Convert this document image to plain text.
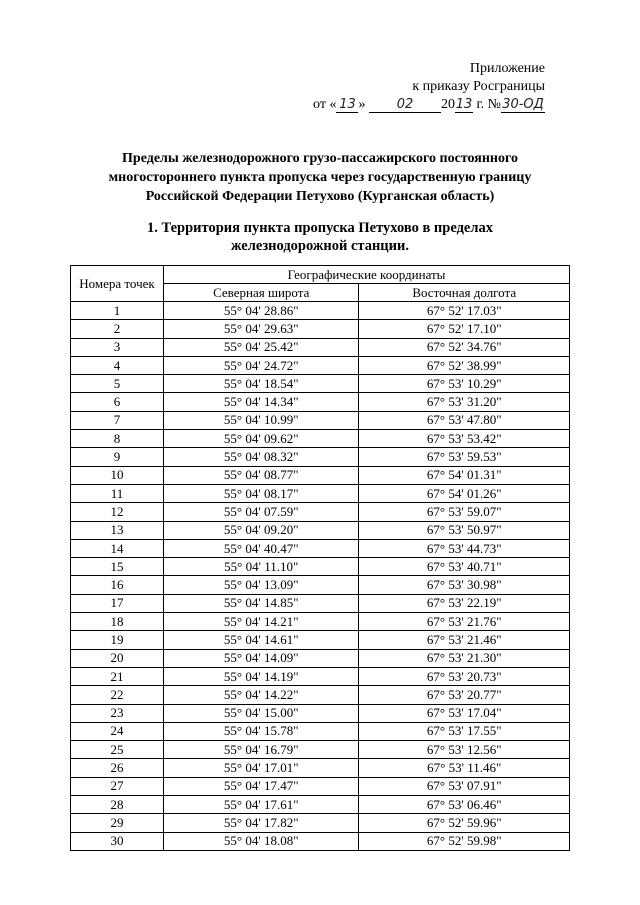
Приложение
к приказу Росграницы
от « 13 » 02 2013 г. №30-ОД
Пределы железнодорожного грузо-пассажирского постоянного
многостороннего пункта пропуска через государственную границу
Российской Федерации Петухово (Курганская область)
1. Территория пункта пропуска Петухово в пределах
железнодорожной станции.
Номера точек	Географические координаты	
	Северная широта	Восточная долгота
1	55° 04' 28.86"	67° 52' 17.03"
2	55° 04' 29.63"	67° 52' 17.10"
3	55° 04' 25.42"	67° 52' 34.76"
4	55° 04' 24.72"	67° 52' 38.99"
5	55° 04' 18.54"	67° 53' 10.29"
6	55° 04' 14.34"	67° 53' 31.20"
7	55° 04' 10.99"	67° 53' 47.80"
8	55° 04' 09.62"	67° 53' 53.42"
9	55° 04' 08.32"	67° 53' 59.53"
10	55° 04' 08.77"	67° 54' 01.31"
11	55° 04' 08.17"	67° 54' 01.26"
12	55° 04' 07.59"	67° 53' 59.07"
13	55° 04' 09.20"	67° 53' 50.97"
14	55° 04' 40.47"	67° 53' 44.73"
15	55° 04' 11.10"	67° 53' 40.71"
16	55° 04' 13.09"	67° 53' 30.98"
17	55° 04' 14.85"	67° 53' 22.19"
18	55° 04' 14.21"	67° 53' 21.76"
19	55° 04' 14.61"	67° 53' 21.46"
20	55° 04' 14.09"	67° 53' 21.30"
21	55° 04' 14.19"	67° 53' 20.73"
22	55° 04' 14.22"	67° 53' 20.77"
23	55° 04' 15.00"	67° 53' 17.04"
24	55° 04' 15.78"	67° 53' 17.55"
25	55° 04' 16.79"	67° 53' 12.56"
26	55° 04' 17.01"	67° 53' 11.46"
27	55° 04' 17.47"	67° 53' 07.91"
28	55° 04' 17.61"	67° 53' 06.46"
29	55° 04' 17.82"	67° 52' 59.96"
30	55° 04' 18.08"	67° 52' 59.98"
